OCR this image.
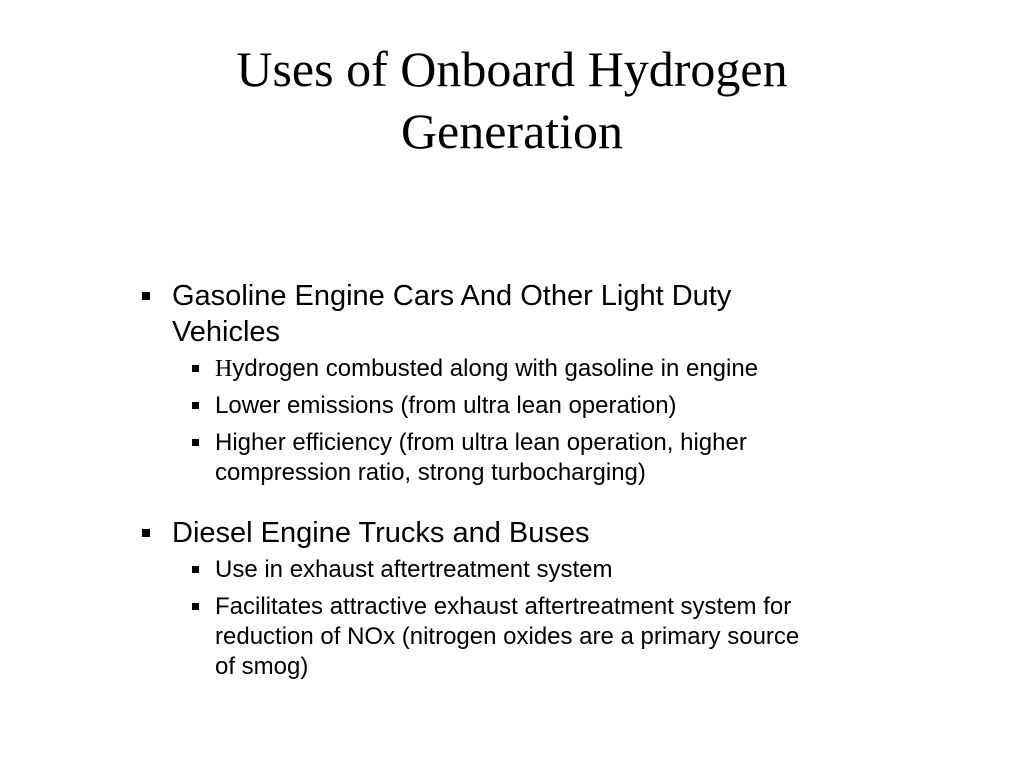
Uses of Onboard Hydrogen
Generation
Gasoline Engine Cars And Other Light Duty
Vehicles
Hydrogen combusted along with gasoline in engine
Lower emissions (from ultra lean operation)
Higher efficiency (from ultra lean operation, higher
compression ratio, strong turbocharging)
Diesel Engine Trucks and Buses
Use in exhaust aftertreatment system
Facilitates attractive exhaust aftertreatment system for
reduction of NOx (nitrogen oxides are a primary source
of smog)
